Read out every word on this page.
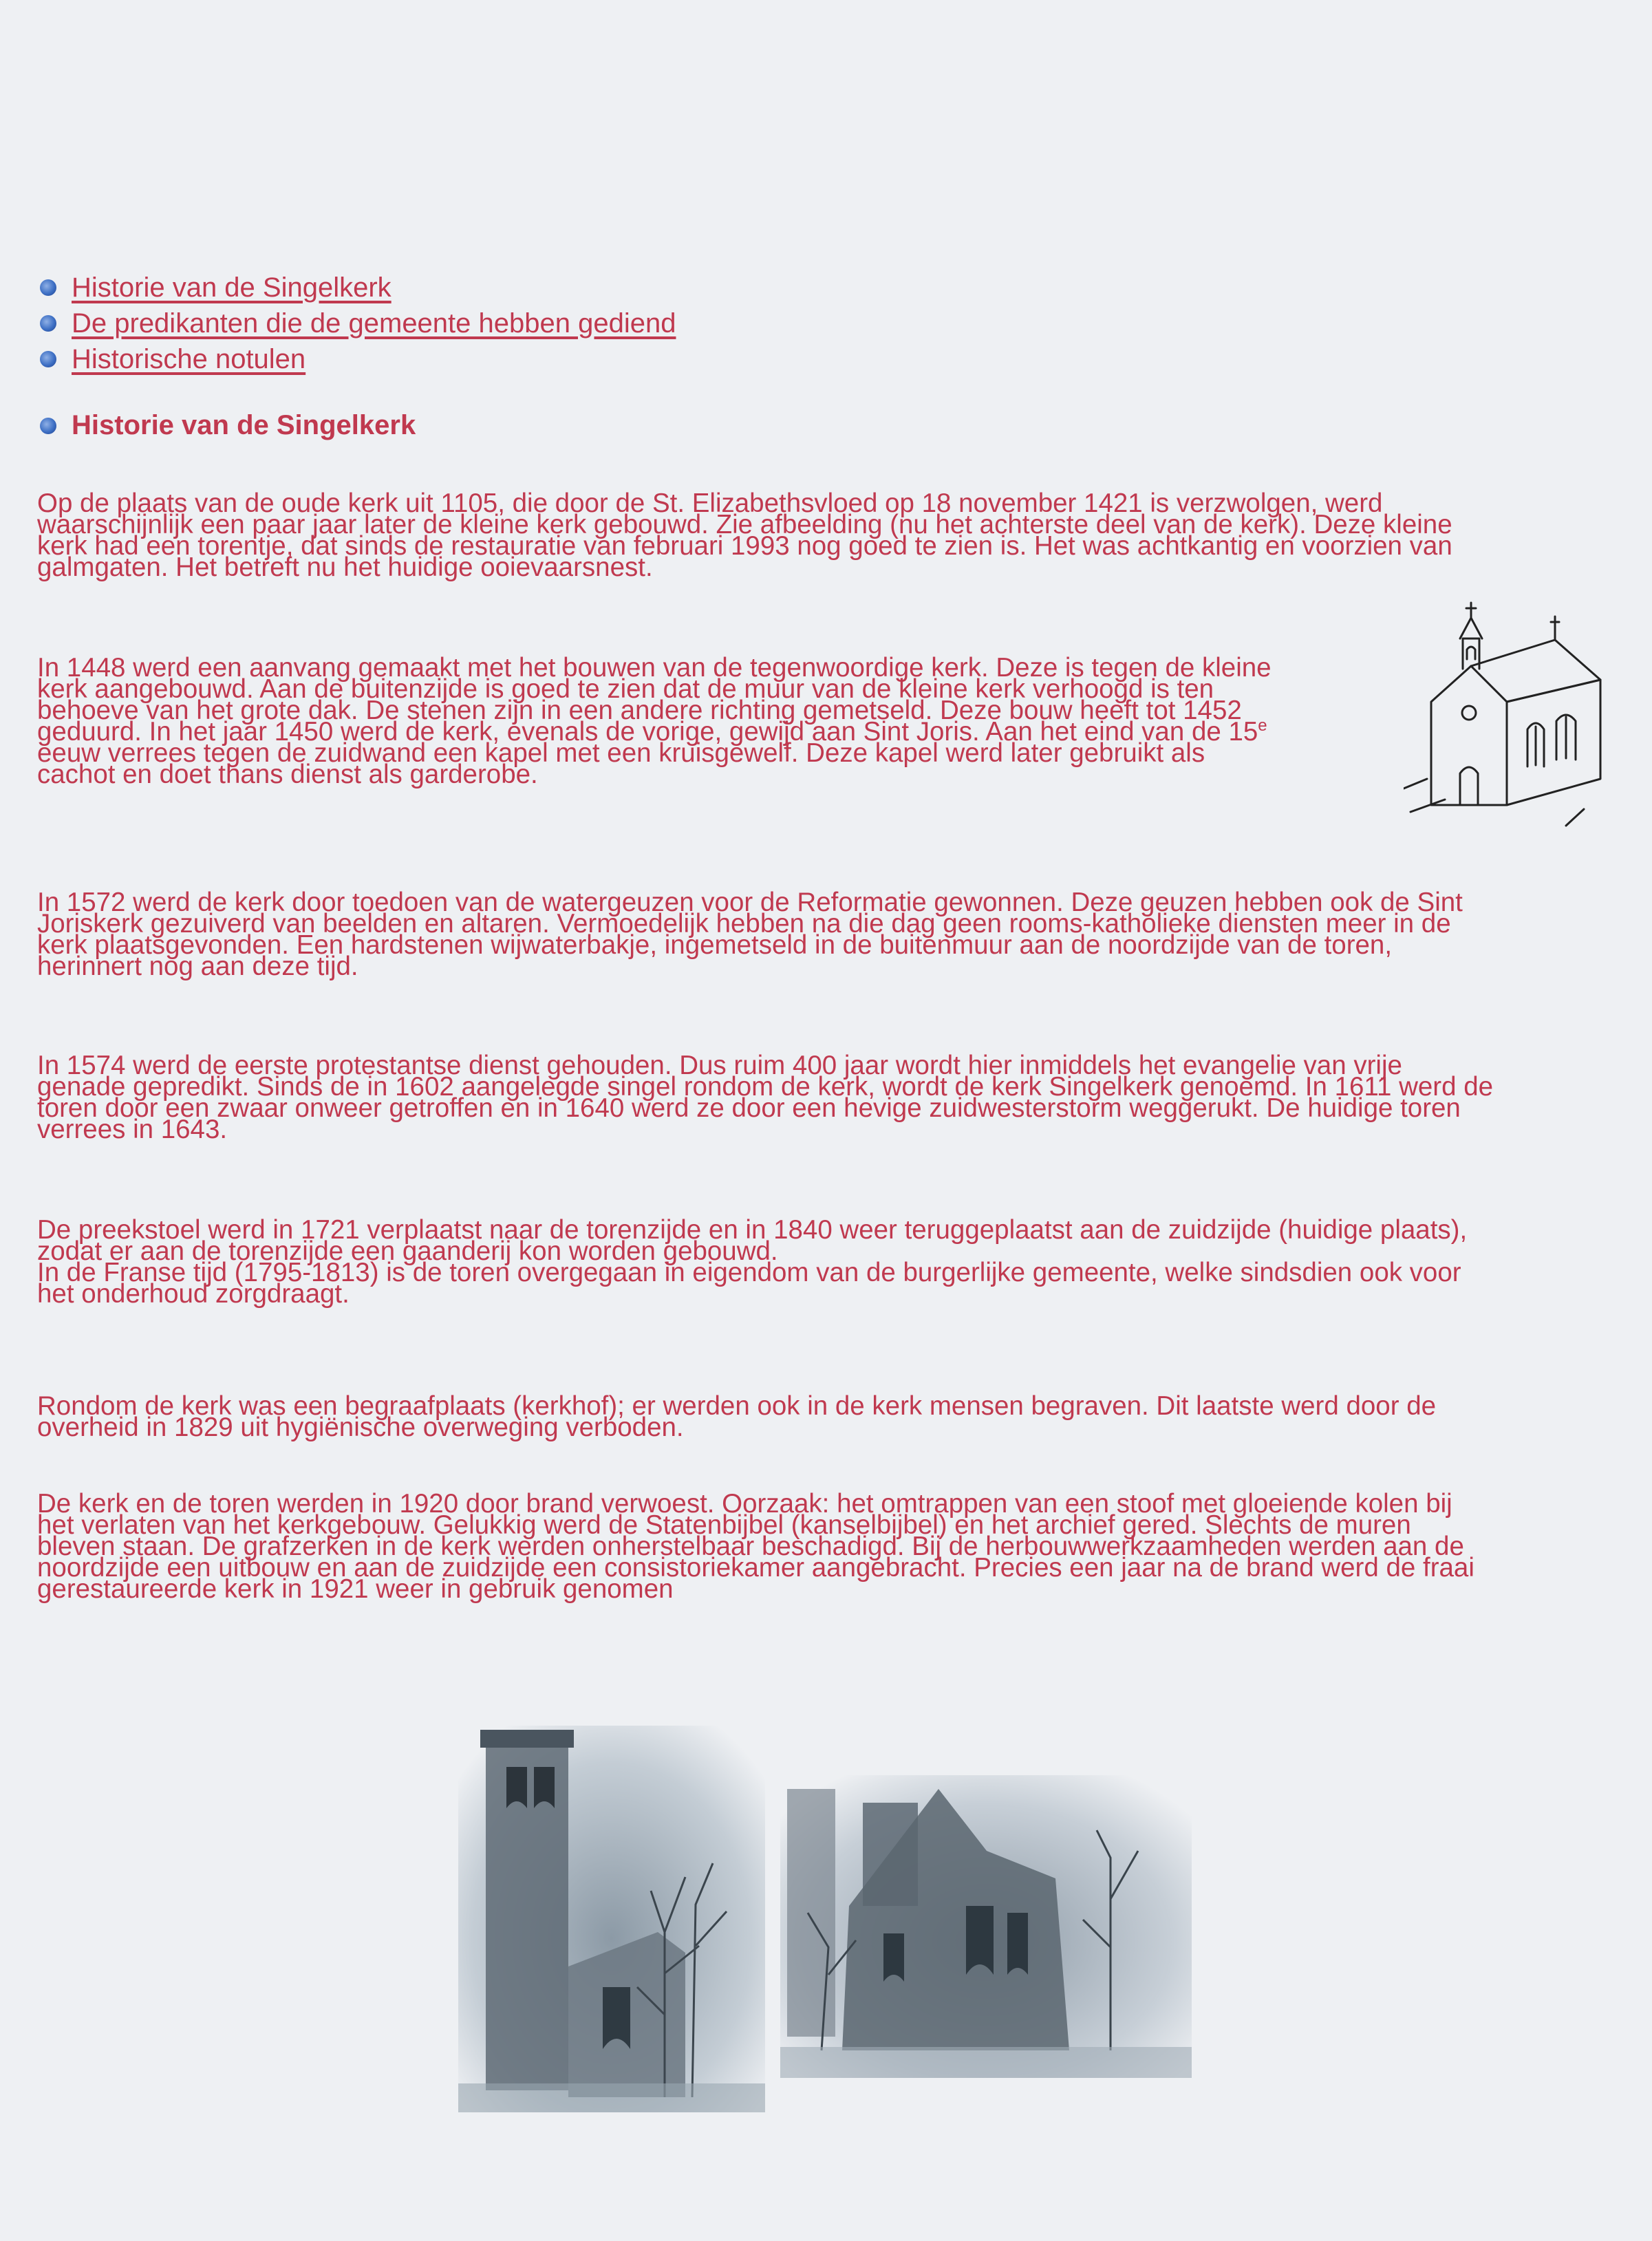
Historie van de Singelkerk
De predikanten die de gemeente hebben gediend
Historische notulen
Historie van de Singelkerk

Op de plaats van de oude kerk uit 1105, die door de St. Elizabethsvloed op 18 november 1421 is verzwolgen, werd
waarschijnlijk een paar jaar later de kleine kerk gebouwd. Zie afbeelding (nu het achterste deel van de kerk). Deze kleine
kerk had een torentje, dat sinds de restauratie van februari 1993 nog goed te zien is. Het was achtkantig en voorzien van
galmgaten. Het betreft nu het huidige ooievaarsnest.

In 1448 werd een aanvang gemaakt met het bouwen van de tegenwoordige kerk. Deze is tegen de kleine
kerk aangebouwd. Aan de buitenzijde is goed te zien dat de muur van de kleine kerk verhoogd is ten
behoeve van het grote dak. De stenen zijn in een andere richting gemetseld. Deze bouw heeft tot 1452
geduurd. In het jaar 1450 werd de kerk, evenals de vorige, gewijd aan Sint Joris. Aan het eind van de 15e
eeuw verrees tegen de zuidwand een kapel met een kruisgewelf. Deze kapel werd later gebruikt als
cachot en doet thans dienst als garderobe.

In 1572 werd de kerk door toedoen van de watergeuzen voor de Reformatie gewonnen. Deze geuzen hebben ook de Sint
Joriskerk gezuiverd van beelden en altaren. Vermoedelijk hebben na die dag geen rooms-katholieke diensten meer in de
kerk plaatsgevonden. Een hardstenen wijwaterbakje, ingemetseld in de buitenmuur aan de noordzijde van de toren,
herinnert nog aan deze tijd.

In 1574 werd de eerste protestantse dienst gehouden. Dus ruim 400 jaar wordt hier inmiddels het evangelie van vrije
genade gepredikt. Sinds de in 1602 aangelegde singel rondom de kerk, wordt de kerk Singelkerk genoemd. In 1611 werd de
toren door een zwaar onweer getroffen en in 1640 werd ze door een hevige zuidwesterstorm weggerukt. De huidige toren
verrees in 1643.

De preekstoel werd in 1721 verplaatst naar de torenzijde en in 1840 weer teruggeplaatst aan de zuidzijde (huidige plaats),
zodat er aan de torenzijde een gaanderij kon worden gebouwd.
In de Franse tijd (1795-1813) is de toren overgegaan in eigendom van de burgerlijke gemeente, welke sindsdien ook voor
het onderhoud zorgdraagt.

Rondom de kerk was een begraafplaats (kerkhof); er werden ook in de kerk mensen begraven. Dit laatste werd door de
overheid in 1829 uit hygiënische overweging verboden.

De kerk en de toren werden in 1920 door brand verwoest. Oorzaak: het omtrappen van een stoof met gloeiende kolen bij
het verlaten van het kerkgebouw. Gelukkig werd de Statenbijbel (kanselbijbel) en het archief gered. Slechts de muren
bleven staan. De grafzerken in de kerk werden onherstelbaar beschadigd. Bij de herbouwwerkzaamheden werden aan de
noordzijde een uitbouw en aan de zuidzijde een consistoriekamer aangebracht. Precies een jaar na de brand werd de fraai
gerestaureerde kerk in 1921 weer in gebruik genomen
